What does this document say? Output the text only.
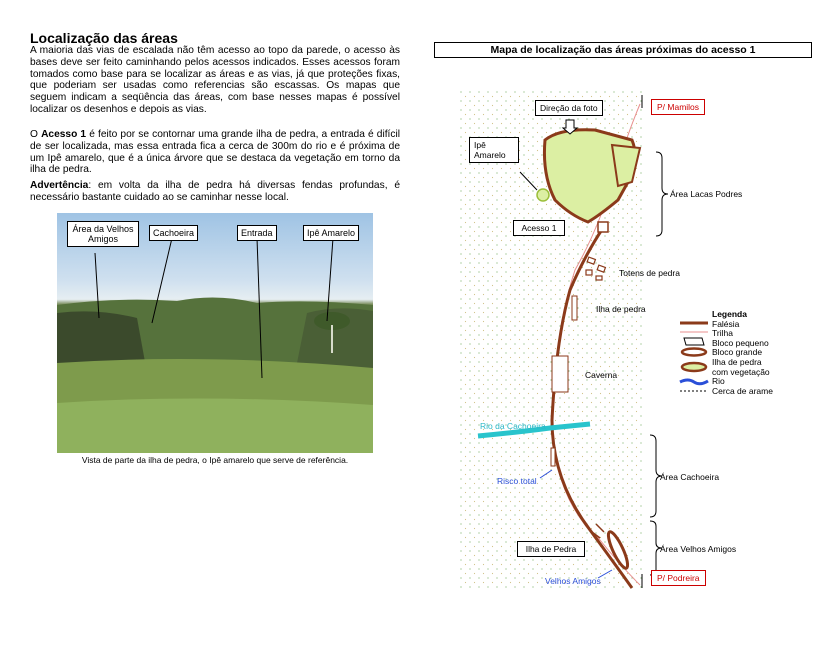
Localização das áreas
A maioria das vias de escalada não têm acesso ao topo da parede, o acesso às bases deve ser feito caminhando pelos acessos indicados. Esses acessos foram tomados como base para se localizar as áreas e as vias, já que proteções fixas, que poderiam ser usadas como referencias são escassas. Os mapas que seguem indicam a seqüência das áreas, com base nesses mapas é possível localizar os desenhos e depois as vias.
O Acesso 1 é feito por se contornar uma grande ilha de pedra, a entrada é difícil de ser localizada, mas essa entrada fica a cerca de 300m do rio e é próxima de um Ipê amarelo, que é a única árvore que se destaca da vegetação em torno da ilha de pedra.
Advertência: em volta da ilha de pedra há diversas fendas profundas, é necessário bastante cuidado ao se caminhar nesse local.
Área da Velhos Amigos
Cachoeira	Entrada	Ipê Amarelo
Vista de parte da ilha de pedra, o Ipê amarelo que serve de referência.
Mapa de localização das áreas próximas do acesso 1
Direção da foto	P/ Mamilos
Ipê Amarelo
Acesso 1
Área Lacas Podres
Totens de pedra
Ilha de pedra
Caverna
Rio da Cachoeira
Risco total	Área Cachoeira
Ilha de Pedra	Área Velhos Amigos
Velhos Amigos	P/ Podreira
Legenda
Falésia
Trilha
Bloco pequeno
Bloco grande
Ilha de pedra com vegetação
Rio
Cerca de arame
